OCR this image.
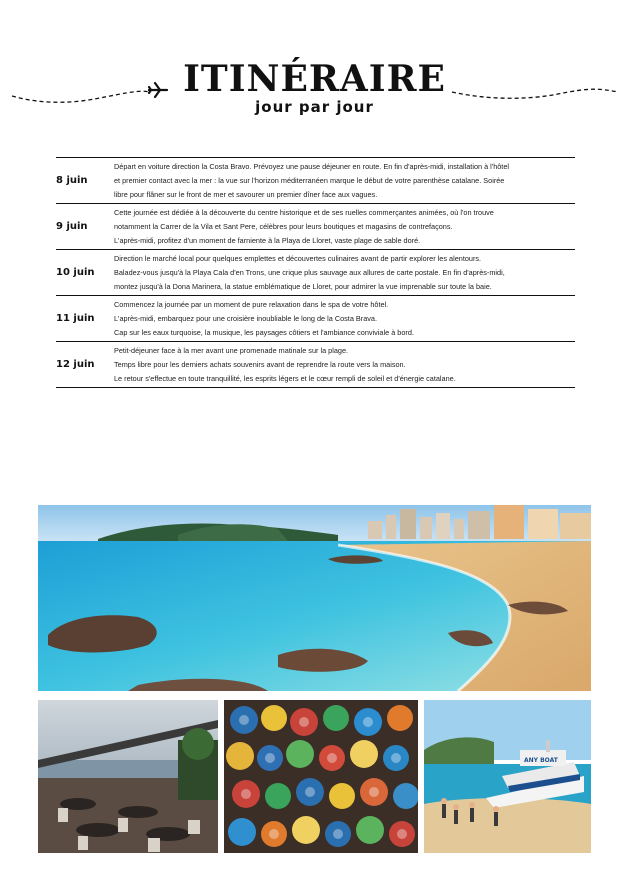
ITINÉRAIRE
jour par jour
8 juin
Départ en voiture direction la Costa Bravo. Prévoyez une pause déjeuner en route. En fin d'après-midi, installation à l'hôtel
et premier contact avec la mer : la vue sur l'horizon méditerranéen marque le début de votre parenthèse catalane. Soirée
libre pour flâner sur le front de mer et savourer un premier dîner face aux vagues.
9 juin
Cette journée est dédiée à la découverte du centre historique et de ses ruelles commerçantes animées, où l'on trouve
notamment la Carrer de la Vila et Sant Pere, célèbres pour leurs boutiques et magasins de contrefaçons.
L'après-midi, profitez d'un moment de farniente à la Playa de Lloret, vaste plage de sable doré.
10 juin
Direction le marché local pour quelques emplettes et découvertes culinaires avant de partir explorer les alentours.
Baladez-vous jusqu'à la Playa Cala d'en Trons, une crique plus sauvage aux allures de carte postale. En fin d'après-midi,
montez jusqu'à la Dona Marinera, la statue emblématique de Lloret, pour admirer la vue imprenable sur toute la baie.
11 juin
Commencez la journée par un moment de pure relaxation dans le spa de votre hôtel.
L'après-midi, embarquez pour une croisière inoubliable le long de la Costa Brava.
Cap sur les eaux turquoise, la musique, les paysages côtiers et l'ambiance conviviale à bord.
12 juin
Petit-déjeuner face à la mer avant une promenade matinale sur la plage.
Temps libre pour les derniers achats souvenirs avant de reprendre la route vers la maison.
Le retour s'effectue en toute tranquillité, les esprits légers et le cœur rempli de soleil et d'énergie catalane.
ANY BOAT
